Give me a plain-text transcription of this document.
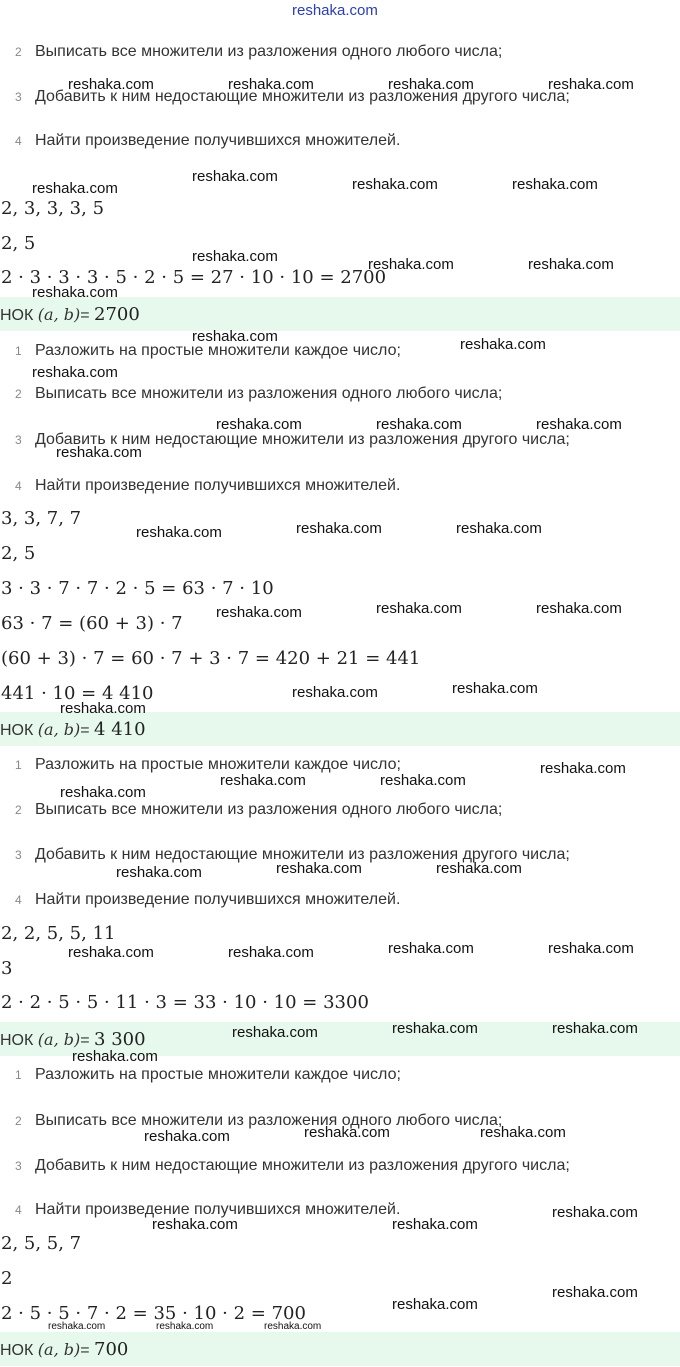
reshaka.com
2 Выписать все множители из разложения одного любого числа;
3 Добавить к ним недостающие множители из разложения другого числа;
4 Найти произведение получившихся множителей.
2, 3, 3, 3, 5
2, 5
2 · 3 · 3 · 3 · 5 · 2 · 5 = 27 · 10 · 10 = 2700
НОК (a, b)= 2700
1 Разложить на простые множители каждое число;
2 Выписать все множители из разложения одного любого числа;
3 Добавить к ним недостающие множители из разложения другого числа;
4 Найти произведение получившихся множителей.
3, 3, 7, 7
2, 5
3 · 3 · 7 · 7 · 2 · 5 = 63 · 7 · 10
63 · 7 = (60 + 3) · 7
(60 + 3) · 7 = 60 · 7 + 3 · 7 = 420 + 21 = 441
441 · 10 = 4 410
НОК (a, b)= 4 410
1 Разложить на простые множители каждое число;
2 Выписать все множители из разложения одного любого числа;
3 Добавить к ним недостающие множители из разложения другого числа;
4 Найти произведение получившихся множителей.
2, 2, 5, 5, 11
3
2 · 2 · 5 · 5 · 11 · 3 = 33 · 10 · 10 = 3300
НОК (a, b)= 3 300
1 Разложить на простые множители каждое число;
2 Выписать все множители из разложения одного любого числа;
3 Добавить к ним недостающие множители из разложения другого числа;
4 Найти произведение получившихся множителей.
2, 5, 5, 7
2
2 · 5 · 5 · 7 · 2 = 35 · 10 · 2 = 700
НОК (a, b)= 700
reshaka.com	reshaka.com	reshaka.com	reshaka.com
reshaka.com
reshaka.com	reshaka.com	reshaka.com
reshaka.com	reshaka.com	reshaka.com
reshaka.com
reshaka.com	reshaka.com
reshaka.com
reshaka.com	reshaka.com	reshaka.com
reshaka.com
reshaka.com	reshaka.com	reshaka.com
reshaka.com	reshaka.com	reshaka.com
reshaka.com	reshaka.com
reshaka.com
reshaka.com	reshaka.com
reshaka.com
reshaka.com
reshaka.com	reshaka.com	reshaka.com
reshaka.com	reshaka.com	reshaka.com	reshaka.com
reshaka.com	reshaka.com	reshaka.com
reshaka.com
reshaka.com	reshaka.com	reshaka.com
reshaka.com	reshaka.com
reshaka.com
reshaka.com
reshaka.com
reshaka.com	reshaka.com	reshaka.com
